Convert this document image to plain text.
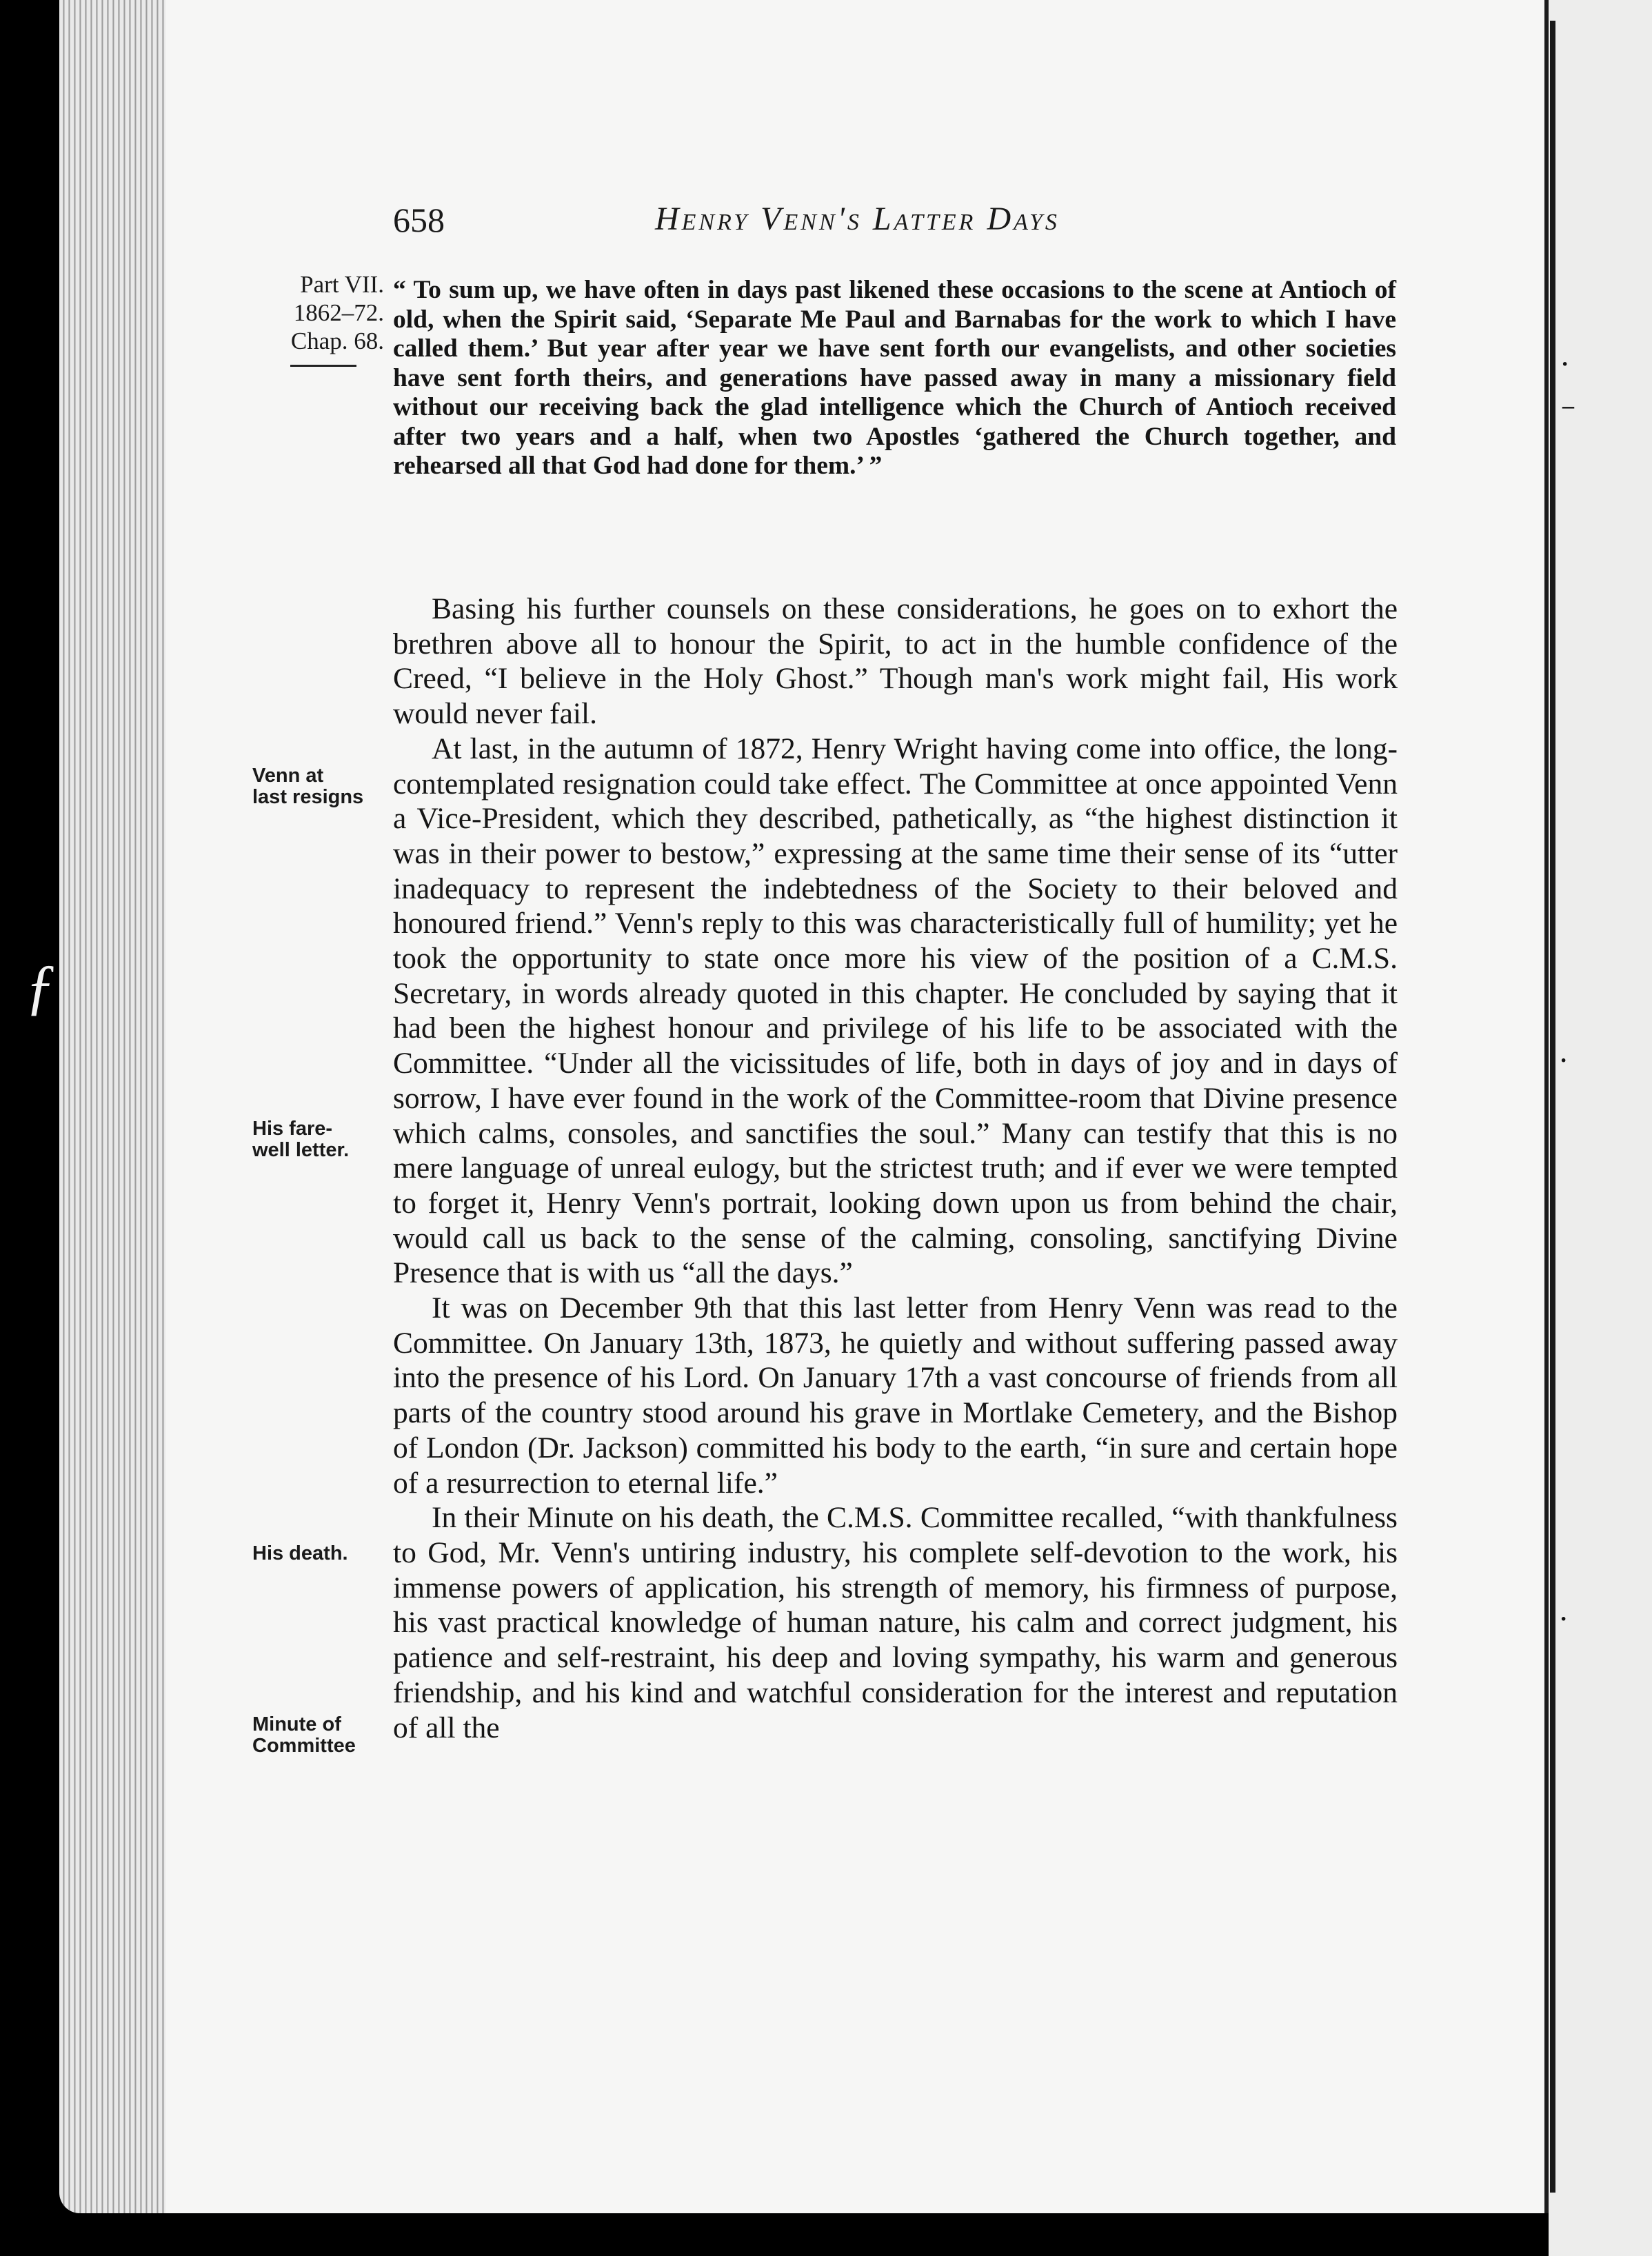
ƒ
·
–
·
·
658	Henry Venn's Latter Days
Part VII.
1862–72.
Chap. 68.
“ To sum up, we have often in days past likened these occasions to the scene at Antioch of old, when the Spirit said, ‘Separate Me Paul and Barnabas for the work to which I have called them.’ But year after year we have sent forth our evangelists, and other societies have sent forth theirs, and generations have passed away in many a missionary field without our receiving back the glad intelligence which the Church of Antioch received after two years and a half, when two Apostles ‘gathered the Church together, and rehearsed all that God had done for them.’ ”

Basing his further counsels on these considerations, he goes on to exhort the brethren above all to honour the Spirit, to act in the humble confidence of the Creed, “I believe in the Holy Ghost.” Though man's work might fail, His work would never fail.

At last, in the autumn of 1872, Henry Wright having come into office, the long-contemplated resignation could take effect. The Committee at once appointed Venn a Vice-President, which they described, pathetically, as “the highest distinction it was in their power to bestow,” expressing at the same time their sense of its “utter inadequacy to represent the indebtedness of the Society to their beloved and honoured friend.” Venn's reply to this was characteristically full of humility; yet he took the opportunity to state once more his view of the position of a C.M.S. Secretary, in words already quoted in this chapter. He concluded by saying that it had been the highest honour and privilege of his life to be associated with the Committee. “Under all the vicissitudes of life, both in days of joy and in days of sorrow, I have ever found in the work of the Committee-room that Divine presence which calms, consoles, and sanctifies the soul.” Many can testify that this is no mere language of unreal eulogy, but the strictest truth; and if ever we were tempted to forget it, Henry Venn's portrait, looking down upon us from behind the chair, would call us back to the sense of the calming, consoling, sanctifying Divine Presence that is with us “all the days.”

It was on December 9th that this last letter from Henry Venn was read to the Committee. On January 13th, 1873, he quietly and without suffering passed away into the presence of his Lord. On January 17th a vast concourse of friends from all parts of the country stood around his grave in Mortlake Cemetery, and the Bishop of London (Dr. Jackson) committed his body to the earth, “in sure and certain hope of a resurrection to eternal life.”

In their Minute on his death, the C.M.S. Committee recalled, “with thankfulness to God, Mr. Venn's untiring industry, his complete self-devotion to the work, his immense powers of application, his strength of memory, his firmness of purpose, his vast practical knowledge of human nature, his calm and correct judgment, his patience and self-restraint, his deep and loving sympathy, his warm and generous friendship, and his kind and watchful consideration for the interest and reputation of all the

Venn at
last resigns
His fare-
well letter.
His death.
Minute of
Committee
